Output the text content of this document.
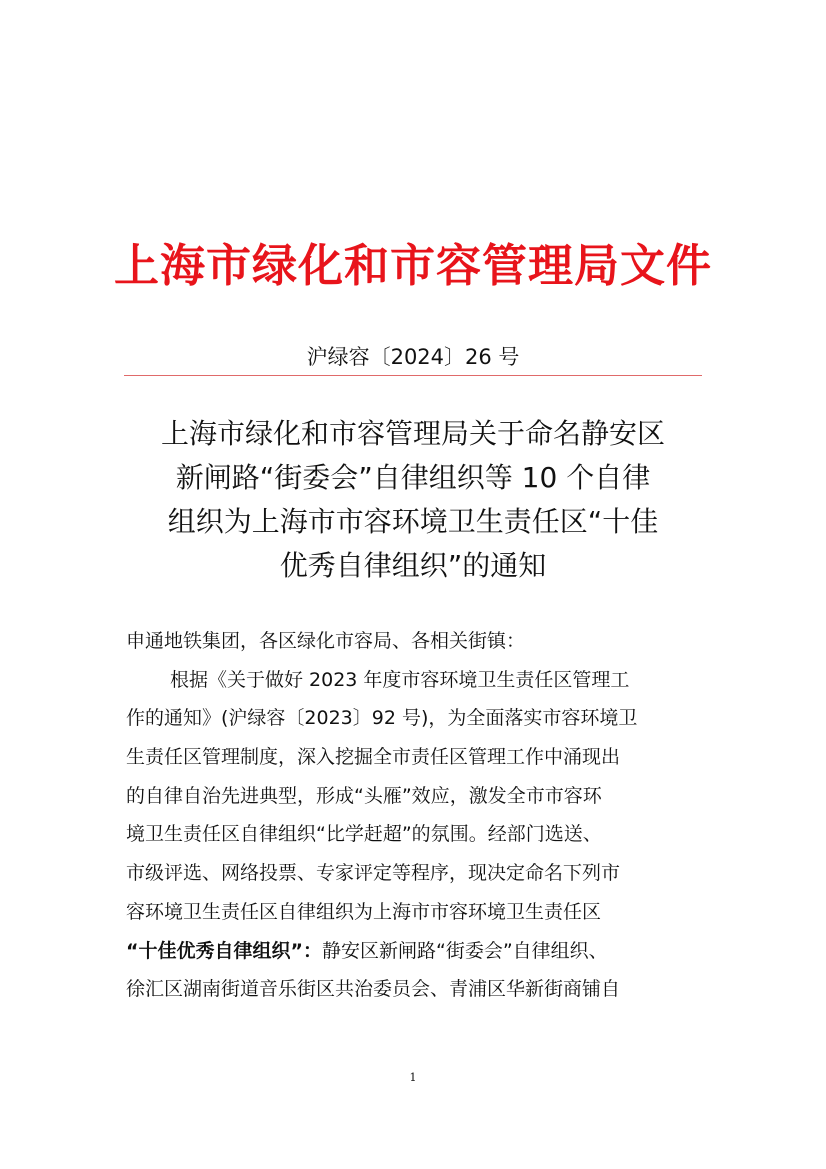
上海市绿化和市容管理局文件
沪绿容〔2024〕26 号
上海市绿化和市容管理局关于命名静安区
新闸路“街委会”自律组织等 10 个自律
组织为上海市市容环境卫生责任区“十佳
优秀自律组织”的通知
申通地铁集团，各区绿化市容局、各相关街镇：
根据《关于做好 2023 年度市容环境卫生责任区管理工
作的通知》(沪绿容〔2023〕92 号)，为全面落实市容环境卫
生责任区管理制度，深入挖掘全市责任区管理工作中涌现出
的自律自治先进典型，形成“头雁”效应，激发全市市容环
境卫生责任区自律组织“比学赶超”的氛围。经部门选送、
市级评选、网络投票、专家评定等程序，现决定命名下列市
容环境卫生责任区自律组织为上海市市容环境卫生责任区
“十佳优秀自律组织”：静安区新闸路“街委会”自律组织、
徐汇区湖南街道音乐街区共治委员会、青浦区华新街商铺自
1
